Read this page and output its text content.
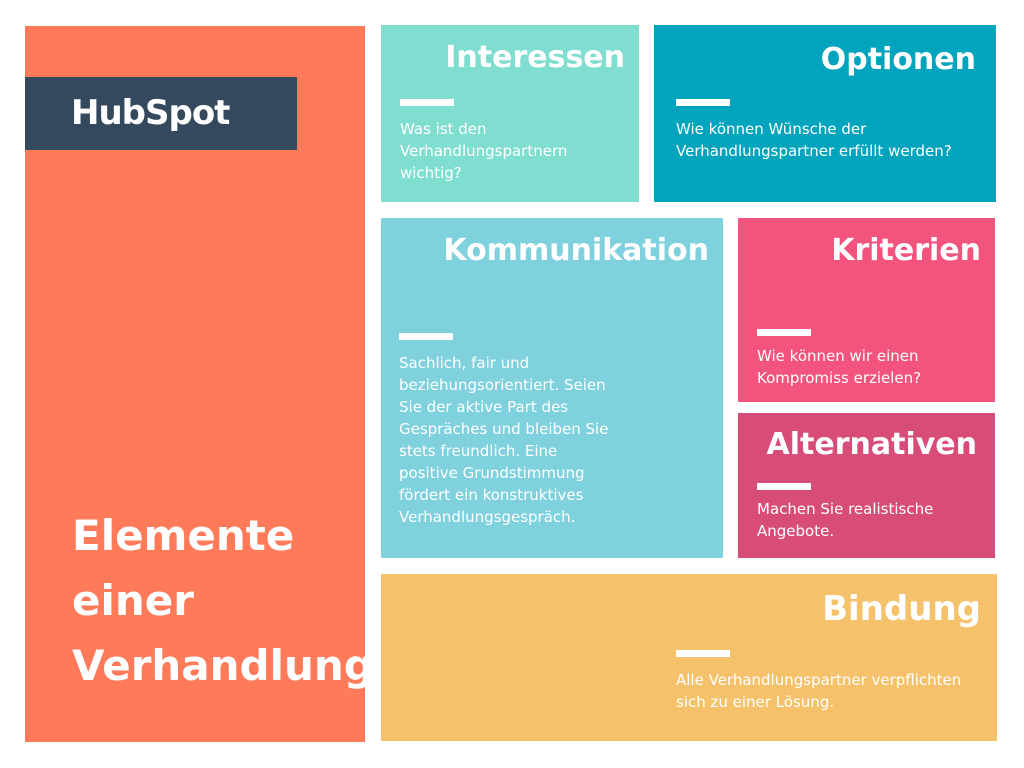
HubSpot
Elemente
einer
Verhandlung
Interessen

Was ist den Verhandlungspartnern wichtig?

Optionen

Wie können Wünsche der Verhandlungspartner erfüllt werden?

Kommunikation

Sachlich, fair und beziehungsorientiert. Seien Sie der aktive Part des Gespräches und bleiben Sie stets freundlich. Eine positive Grundstimmung fördert ein konstruktives Verhandlungsgespräch.

Kriterien

Wie können wir einen Kompromiss erzielen?

Alternativen

Machen Sie realistische Angebote.

Bindung

Alle Verhandlungspartner verpflichten sich zu einer Lösung.
